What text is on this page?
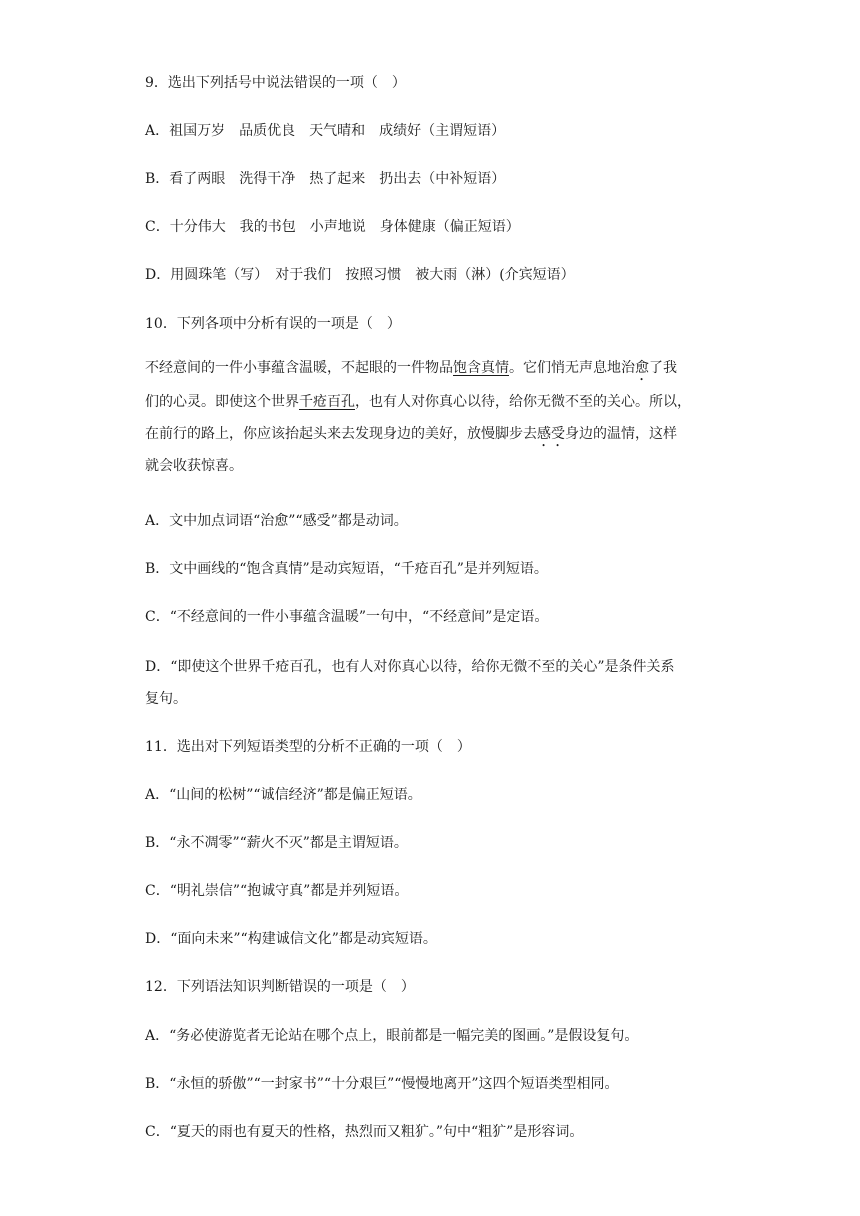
9．选出下列括号中说法错误的一项（　）
A．祖国万岁　品质优良　天气晴和　成绩好（主谓短语）
B．看了两眼　洗得干净　热了起来　扔出去（中补短语）
C．十分伟大　我的书包　小声地说　身体健康（偏正短语）
D．用圆珠笔（写）　对于我们　按照习惯　被大雨（淋）(介宾短语）
10．下列各项中分析有误的一项是（　）
不经意间的一件小事蕴含温暖，不起眼的一件物品饱含真情。它们悄无声息地治愈了我
们的心灵。即使这个世界千疮百孔，也有人对你真心以待，给你无微不至的关心。所以，
在前行的路上，你应该抬起头来去发现身边的美好，放慢脚步去感受身边的温情，这样
就会收获惊喜。
A．文中加点词语“治愈”“感受”都是动词。
B．文中画线的“饱含真情”是动宾短语，“千疮百孔”是并列短语。
C．“不经意间的一件小事蕴含温暖”一句中，“不经意间”是定语。
D．“即使这个世界千疮百孔，也有人对你真心以待，给你无微不至的关心”是条件关系
复句。
11．选出对下列短语类型的分析不正确的一项（　）
A．“山间的松树”“诚信经济”都是偏正短语。
B．“永不凋零”“薪火不灭”都是主谓短语。
C．“明礼崇信”“抱诚守真”都是并列短语。
D．“面向未来”“构建诚信文化”都是动宾短语。
12．下列语法知识判断错误的一项是（　）
A．“务必使游览者无论站在哪个点上，眼前都是一幅完美的图画。”是假设复句。
B．“永恒的骄傲”“一封家书”“十分艰巨”“慢慢地离开”这四个短语类型相同。
C．“夏天的雨也有夏天的性格，热烈而又粗犷。”句中“粗犷”是形容词。
